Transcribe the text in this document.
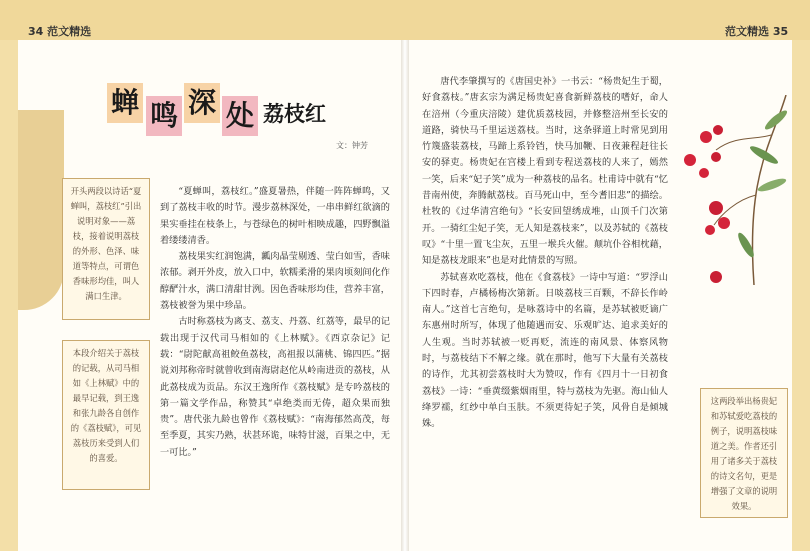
34 范文精选	范文精选 35
蝉 鸣 深 处 荔枝红
文：钟芳
开头两段以诗话“夏蝉叫，荔枝红”引出说明对象——荔枝，接着说明荔枝的外形、色泽、味道等特点，可谓色香味形均佳，叫人满口生津。
本段介绍关于荔枝的记载，从司马相如《上林赋》中的最早记载，到王逸和张九龄各自创作的《荔枝赋》，可见荔枝历来受到人们的喜爱。
这两段举出杨贵妃和苏轼爱吃荔枝的例子，说明荔枝味道之美。作者还引用了诸多关于荔枝的诗文名句，更是增强了文章的说明效果。

“夏蝉叫，荔枝红。”盛夏暑热，伴随一阵阵蝉鸣，又到了荔枝丰收的时节。漫步荔林深处，一串串鲜红欲滴的果实垂挂在枝条上，与苍绿色的树叶相映成趣，四野飘溢着缕缕清香。

荔枝果实红润饱满，瓤肉晶莹剔透、莹白如雪，香味浓郁。剥开外皮，放入口中，软糯柔滑的果肉顷刻间化作醇酽汁水，满口清甜甘洌。因色香味形均佳，营养丰富，荔枝被誉为果中珍品。

古时称荔枝为离支、荔支、丹荔、红荔等，最早的记载出现于汉代司马相如的《上林赋》。《西京杂记》记载：“尉陀献高祖鲛鱼荔枝，高祖报以蒲桃、锦四匹。”据说刘邦称帝时就曾收到南海尉赵佗从岭南进贡的荔枝，从此荔枝成为贡品。东汉王逸所作《荔枝赋》是专吟荔枝的第一篇文学作品，称赞其“卓绝类而无俦，超众果而独贵”。唐代张九龄也曾作《荔枝赋》：“南海郁然高茂，每至季夏，其实乃熟，状甚环诡，味特甘滋，百果之中，无一可比。”

唐代李肇撰写的《唐国史补》一书云：“杨贵妃生于蜀，好食荔枝。”唐玄宗为满足杨贵妃喜食新鲜荔枝的嗜好，命人在涪州（今重庆涪陵）建优质荔枝园，并修整涪州至长安的道路，骑快马千里运送荔枝。当时，这条驿道上时常见到用竹篾盛装荔枝，马蹄上系铃铛，快马加鞭、日夜兼程赶往长安的驿吏。杨贵妃在宫楼上看到专程送荔枝的人来了，嫣然一笑，后来“妃子笑”成为一种荔枝的品名。杜甫诗中就有“忆昔南州使，奔腾献荔枝。百马死山中，至今耆旧悲”的描绘。杜牧的《过华清宫绝句》“长安回望绣成堆，山顶千门次第开。一骑红尘妃子笑，无人知是荔枝来”，以及苏轼的《荔枝叹》“十里一置飞尘灰，五里一堠兵火催。颠坑仆谷相枕藉，知是荔枝龙眼来”也是对此情景的写照。

苏轼喜欢吃荔枝，他在《食荔枝》一诗中写道：“罗浮山下四时春，卢橘杨梅次第新。日啖荔枝三百颗，不辞长作岭南人。”这首七言绝句，是咏荔诗中的名篇，是苏轼被贬谪广东惠州时所写，体现了他随遇而安、乐观旷达、追求美好的人生观。当时苏轼被一贬再贬，流连的南风景、体察风物时，与荔枝结下不解之缘。就在那时，他写下大量有关荔枝的诗作，尤其初尝荔枝时大为赞叹，作有《四月十一日初食荔枝》一诗：“垂黄缀紫烟雨里，特与荔枝为先驱。海山仙人绛罗襦，红纱中单白玉肤。不须更待妃子笑，风骨自是倾城姝。
